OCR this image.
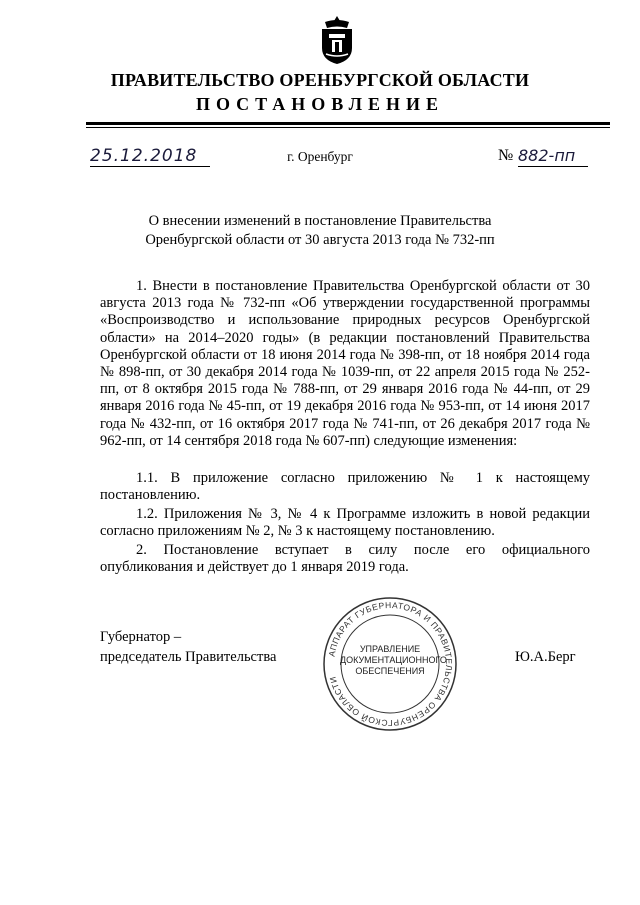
ПРАВИТЕЛЬСТВО ОРЕНБУРГСКОЙ ОБЛАСТИ
ПОСТАНОВЛЕНИЕ
25.12.2018	г. Оренбург	№ 882-пп
О внесении изменений в постановление Правительства
Оренбургской области от 30 августа 2013 года № 732-пп
1. Внести в постановление Правительства Оренбургской области от 30 августа 2013 года № 732-пп «Об утверждении государственной программы «Воспроизводство и использование природных ресурсов Оренбургской области» на 2014–2020 годы» (в редакции постановлений Правительства Оренбургской области от 18 июня 2014 года № 398-пп, от 18 ноября 2014 года № 898-пп, от 30 декабря 2014 года № 1039-пп, от 22 апреля 2015 года № 252-пп, от 8 октября 2015 года № 788-пп, от 29 января 2016 года № 44-пп, от 29 января 2016 года № 45-пп, от 19 декабря 2016 года № 953-пп, от 14 июня 2017 года № 432-пп, от 16 октября 2017 года № 741-пп, от 26 декабря 2017 года № 962-пп, от 14 сентября 2018 года № 607-пп) следующие изменения:
1.1. В приложение согласно приложению № 1 к настоящему постановлению.
1.2. Приложения № 3, № 4 к Программе изложить в новой редакции согласно приложениям № 2, № 3 к настоящему постановлению.
2. Постановление вступает в силу после его официального опубликования и действует до 1 января 2019 года.
Губернатор –
председатель Правительства	АППАРАТ ГУБЕРНАТОРА И ПРАВИТЕЛЬСТВА ОРЕНБУРГСКОЙ ОБЛАСТИ
УПРАВЛЕНИЕ
ДОКУМЕНТАЦИОННОГО
ОБЕСПЕЧЕНИЯ
Ю.А.Берг
